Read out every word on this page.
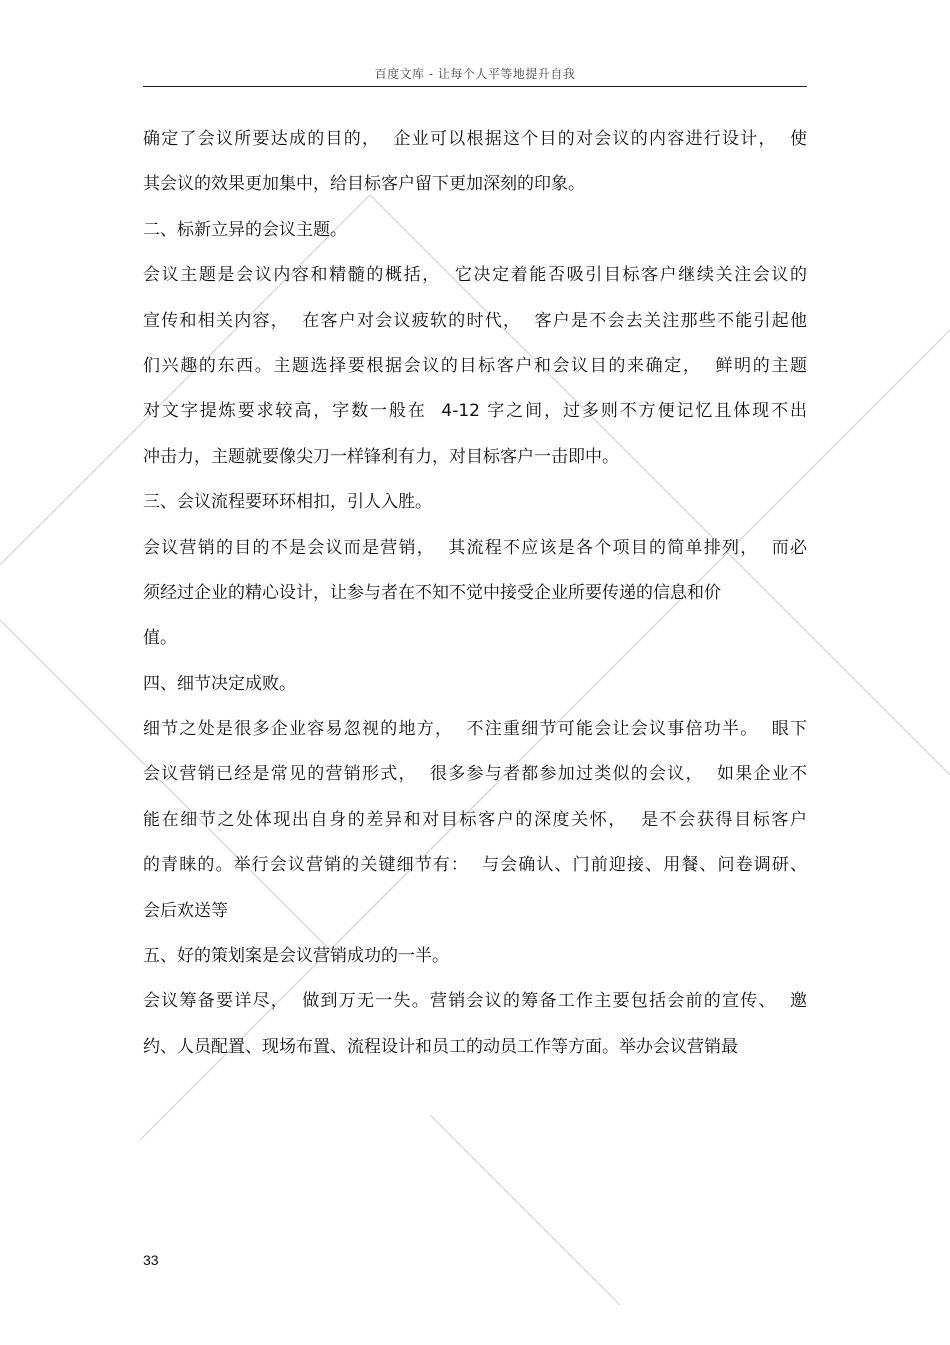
百度文库 - 让每个人平等地提升自我
确定了会议所要达成的目的，  企业可以根据这个目的对会议的内容进行设计，  使
其会议的效果更加集中，给目标客户留下更加深刻的印象。
二、标新立异的会议主题。
会议主题是会议内容和精髓的概括，  它决定着能否吸引目标客户继续关注会议的
宣传和相关内容，  在客户对会议疲软的时代，  客户是不会去关注那些不能引起他
们兴趣的东西。主题选择要根据会议的目标客户和会议目的来确定，  鲜明的主题
对文字提炼要求较高，字数一般在  4-12 字之间，过多则不方便记忆且体现不出
冲击力，主题就要像尖刀一样锋利有力，对目标客户一击即中。
三、会议流程要环环相扣，引人入胜。
会议营销的目的不是会议而是营销，  其流程不应该是各个项目的简单排列，  而必
须经过企业的精心设计，让参与者在不知不觉中接受企业所要传递的信息和价
值。
四、细节决定成败。
细节之处是很多企业容易忽视的地方，  不注重细节可能会让会议事倍功半。  眼下
会议营销已经是常见的营销形式，  很多参与者都参加过类似的会议，  如果企业不
能在细节之处体现出自身的差异和对目标客户的深度关怀，  是不会获得目标客户
的青睐的。举行会议营销的关键细节有：  与会确认、门前迎接、用餐、问卷调研、
会后欢送等
五、好的策划案是会议营销成功的一半。
会议筹备要详尽，  做到万无一失。营销会议的筹备工作主要包括会前的宣传、  邀
约、人员配置、现场布置、流程设计和员工的动员工作等方面。举办会议营销最
33
